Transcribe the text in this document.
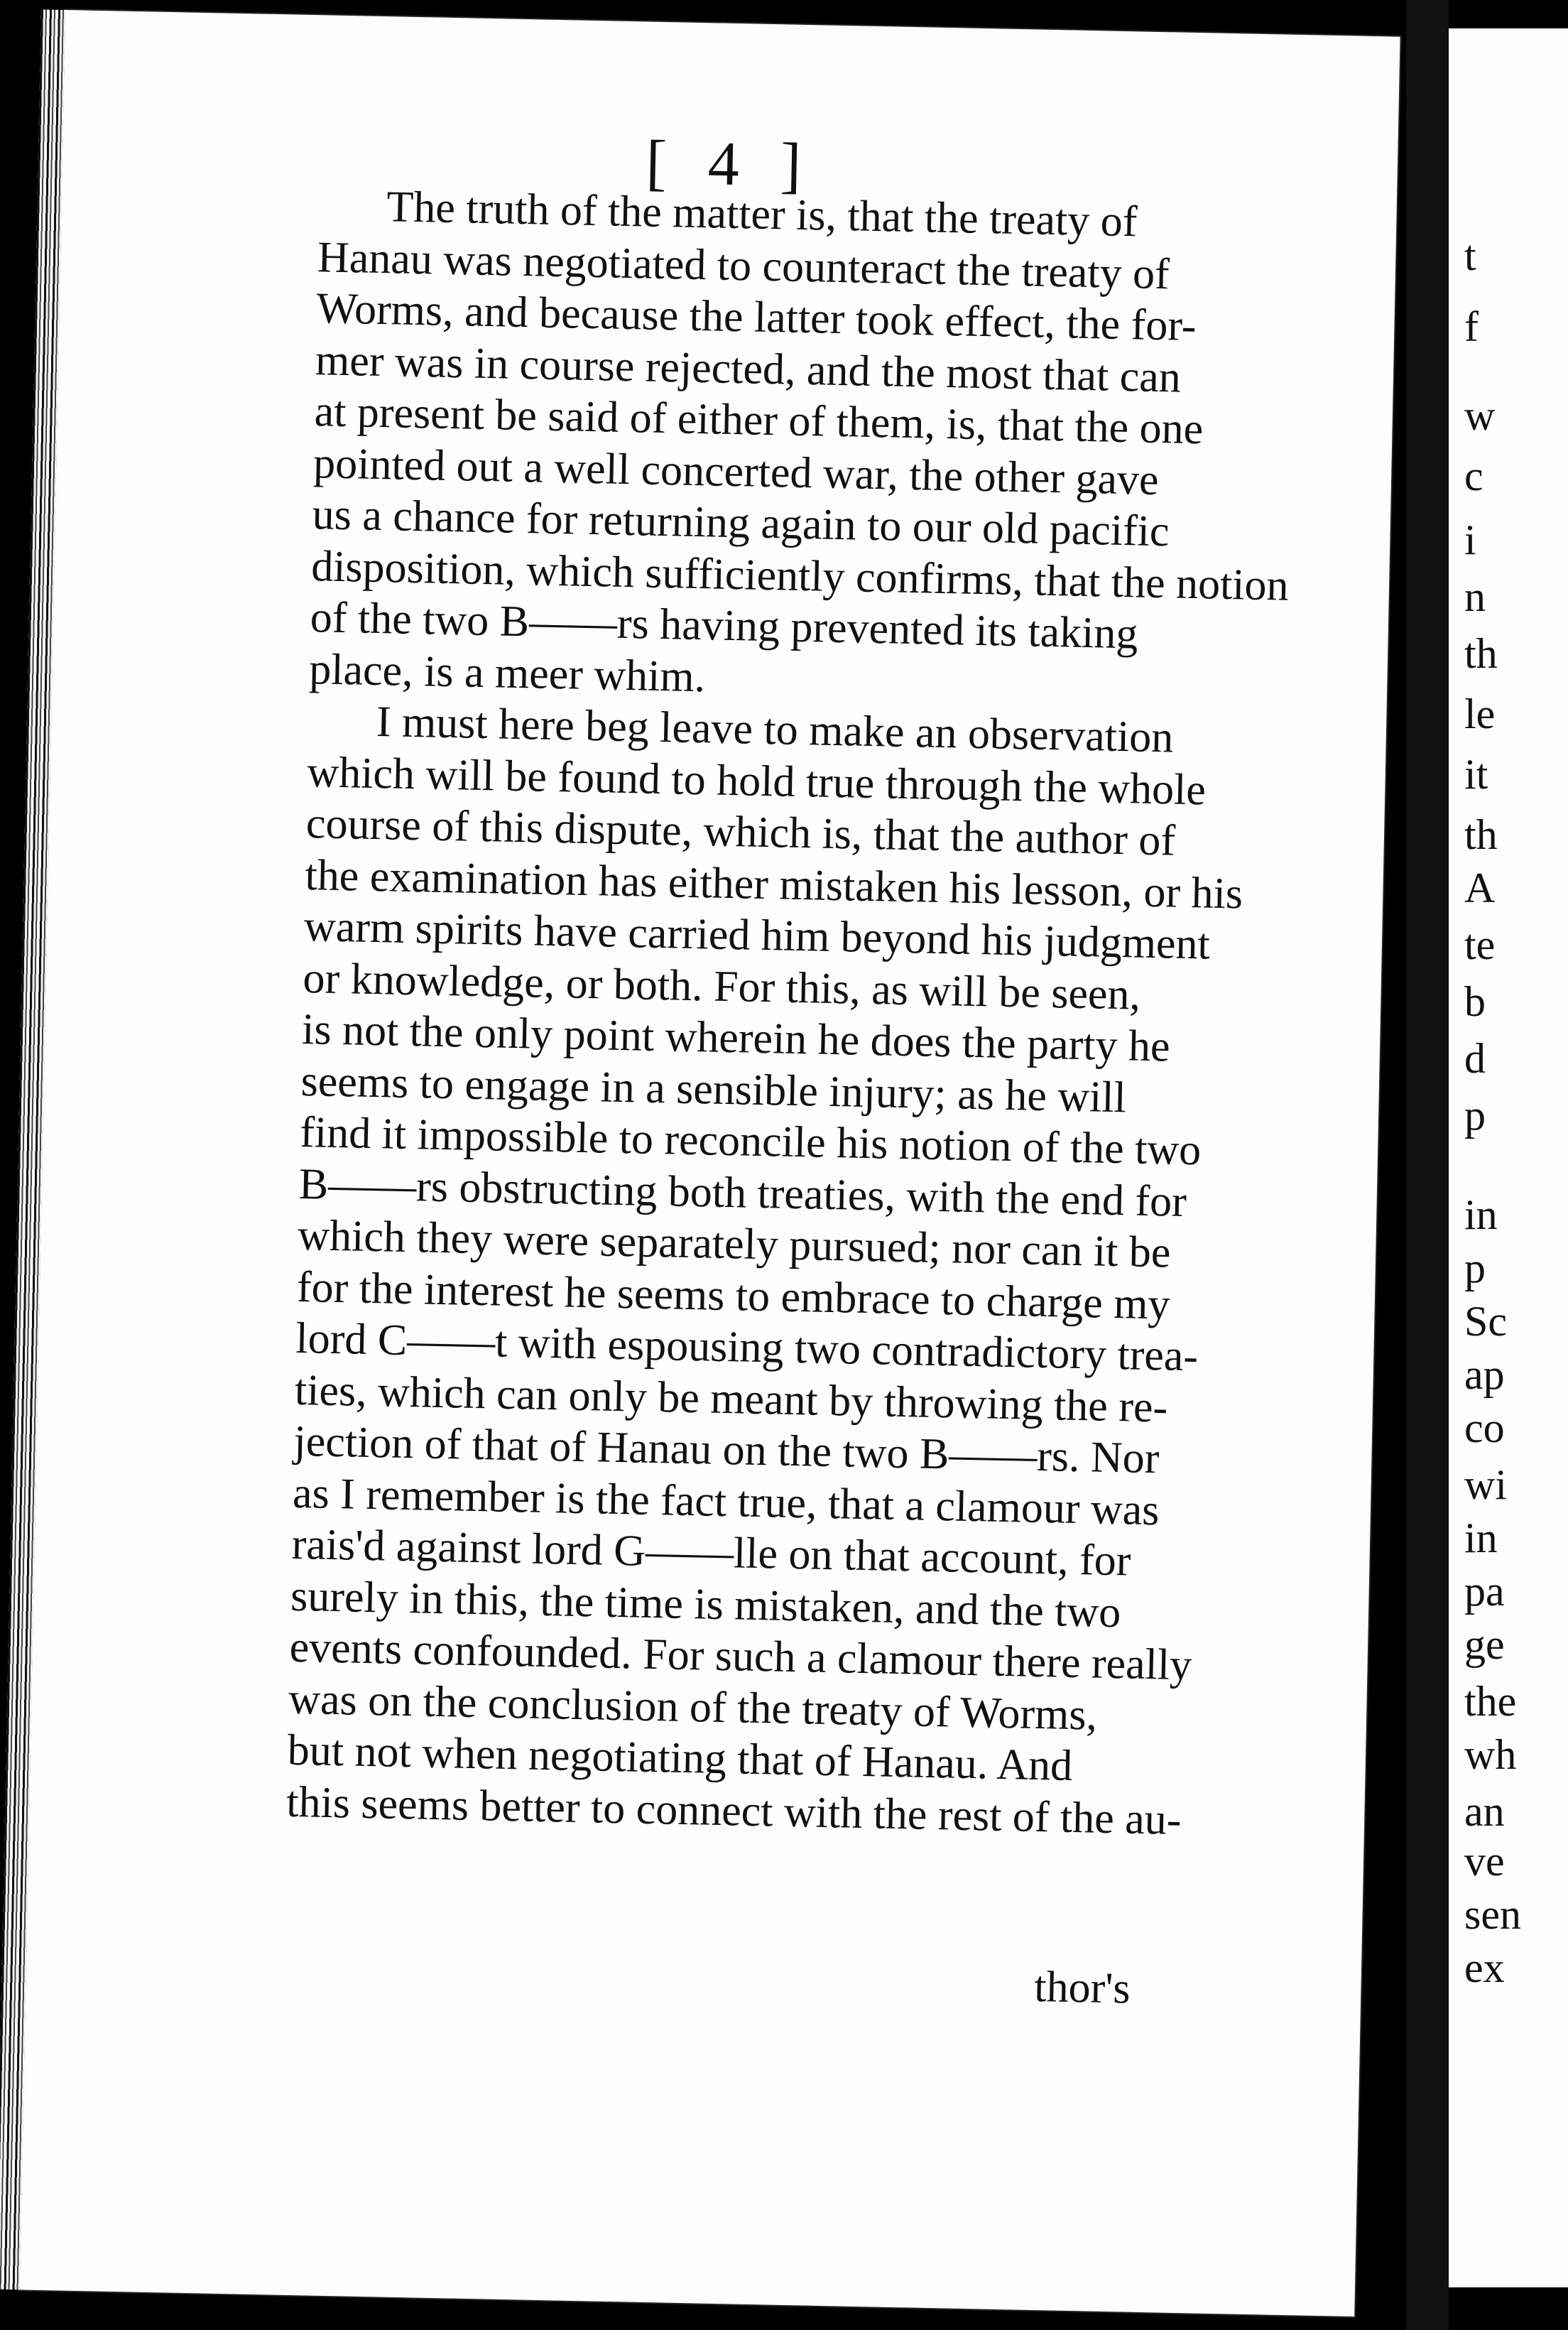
[ 4 ]
The truth of the matter is, that the treaty of
Hanau was negotiated to counteract the treaty of
Worms, and because the latter took effect, the for-
mer was in course rejected, and the most that can
at present be said of either of them, is, that the one
pointed out a well concerted war, the other gave
us a chance for returning again to our old pacific
disposition, which sufficiently confirms, that the notion
of the two B——rs having prevented its taking
place, is a meer whim.
I must here beg leave to make an observation
which will be found to hold true through the whole
course of this dispute, which is, that the author of
the examination has either mistaken his lesson, or his
warm spirits have carried him beyond his judgment
or knowledge, or both. For this, as will be seen,
is not the only point wherein he does the party he
seems to engage in a sensible injury; as he will
find it impossible to reconcile his notion of the two
B——rs obstructing both treaties, with the end for
which they were separately pursued; nor can it be
for the interest he seems to embrace to charge my
lord C——t with espousing two contradictory trea-
ties, which can only be meant by throwing the re-
jection of that of Hanau on the two B——rs. Nor
as I remember is the fact true, that a clamour was
rais'd against lord G——lle on that account, for
surely in this, the time is mistaken, and the two
events confounded. For such a clamour there really
was on the conclusion of the treaty of Worms,
but not when negotiating that of Hanau. And
this seems better to connect with the rest of the au-
thor's
t
f
w
c
i
n
th
le
it
th
A
te
b
d
p
in
p
Sc
ap
co
wi
in
pa
ge
the
wh
an
ve
sen
ex
